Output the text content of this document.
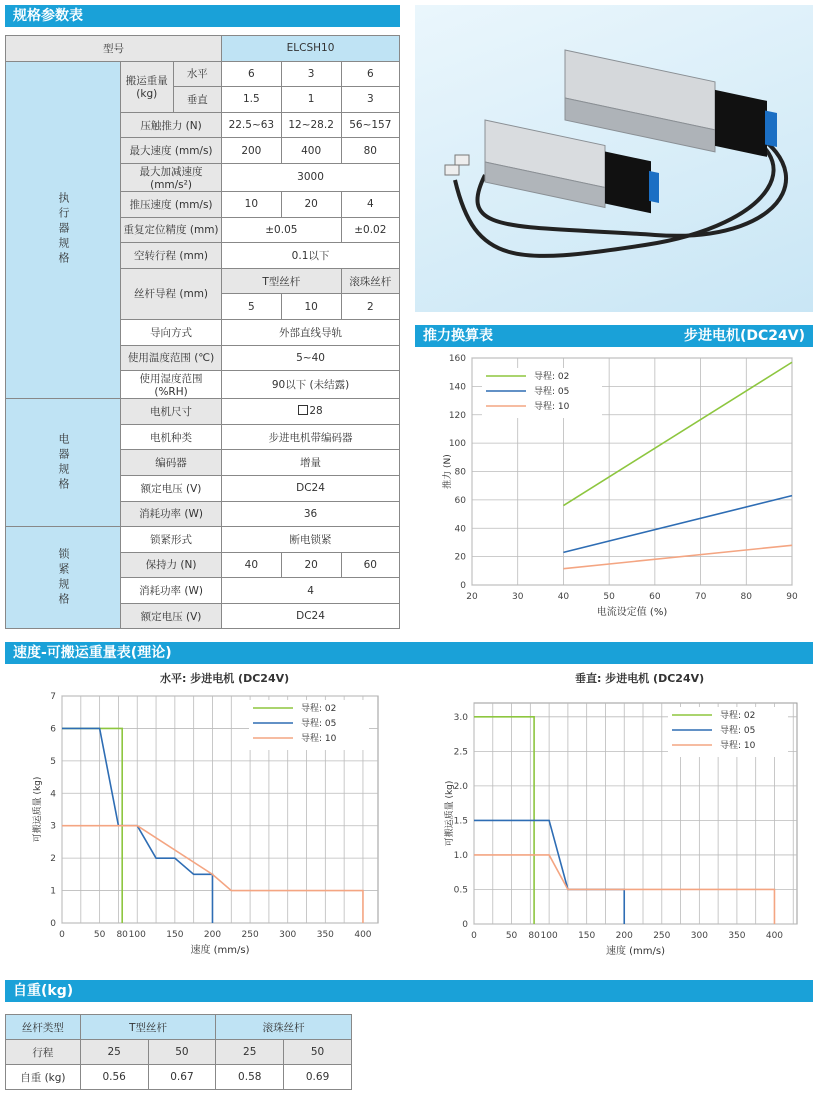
规格参数表
型号			ELCSH10		
执行器规格	搬运重量(kg)	水平	6	3	6
		垂直	1.5	1	3
	压触推力 (N)		22.5~63	12~28.2	56~157
	最大速度 (mm/s)		200	400	80
	最大加减速度 (mm/s²)		3000		
	推压速度 (mm/s)		10	20	4
	重复定位精度 (mm)		±0.05		±0.02
	空转行程 (mm)		0.1以下		
	丝杆导程 (mm)		T型丝杆		滚珠丝杆
			5	10	2
	导向方式		外部直线导轨		
	使用温度范围 (℃)		5~40		
	使用湿度范围 (%RH)		90以下 (未结露)		
电器规格	电机尺寸		28		
	电机种类		步进电机带编码器		
	编码器		增量		
	额定电压 (V)		DC24		
	消耗功率 (W)		36		
锁紧规格	锁紧形式		断电锁紧		
	保持力 (N)		40	20	60
	消耗功率 (W)		4		
	额定电压 (V)		DC24		
推力换算表	步进电机(DC24V)
0
20
40
60
80
100
120
140
160
20	30	40	50	60	70	80	90
电流设定值 (%)
推力 (N)
导程: 02
导程: 05
导程: 10
速度-可搬运重量表(理论)
水平: 步进电机 (DC24V)	垂直: 步进电机 (DC24V)
0
1
2
3
4
5
6
7
0	50 80 100 150 200 250 300 350 400
速度 (mm/s)
可搬运质量 (kg)
导程: 02
导程: 05
导程: 10
0
0.5
1.0
1.5
2.0
2.5
3.0
0	50 80 100 150 200 250 300 350 400
速度 (mm/s)
可搬运质量 (kg)
导程: 02
导程: 05
导程: 10
自重(kg)
丝杆类型	T型丝杆		滚珠丝杆	
行程	25	50	25	50
自重 (kg)	0.56	0.67	0.58	0.69
